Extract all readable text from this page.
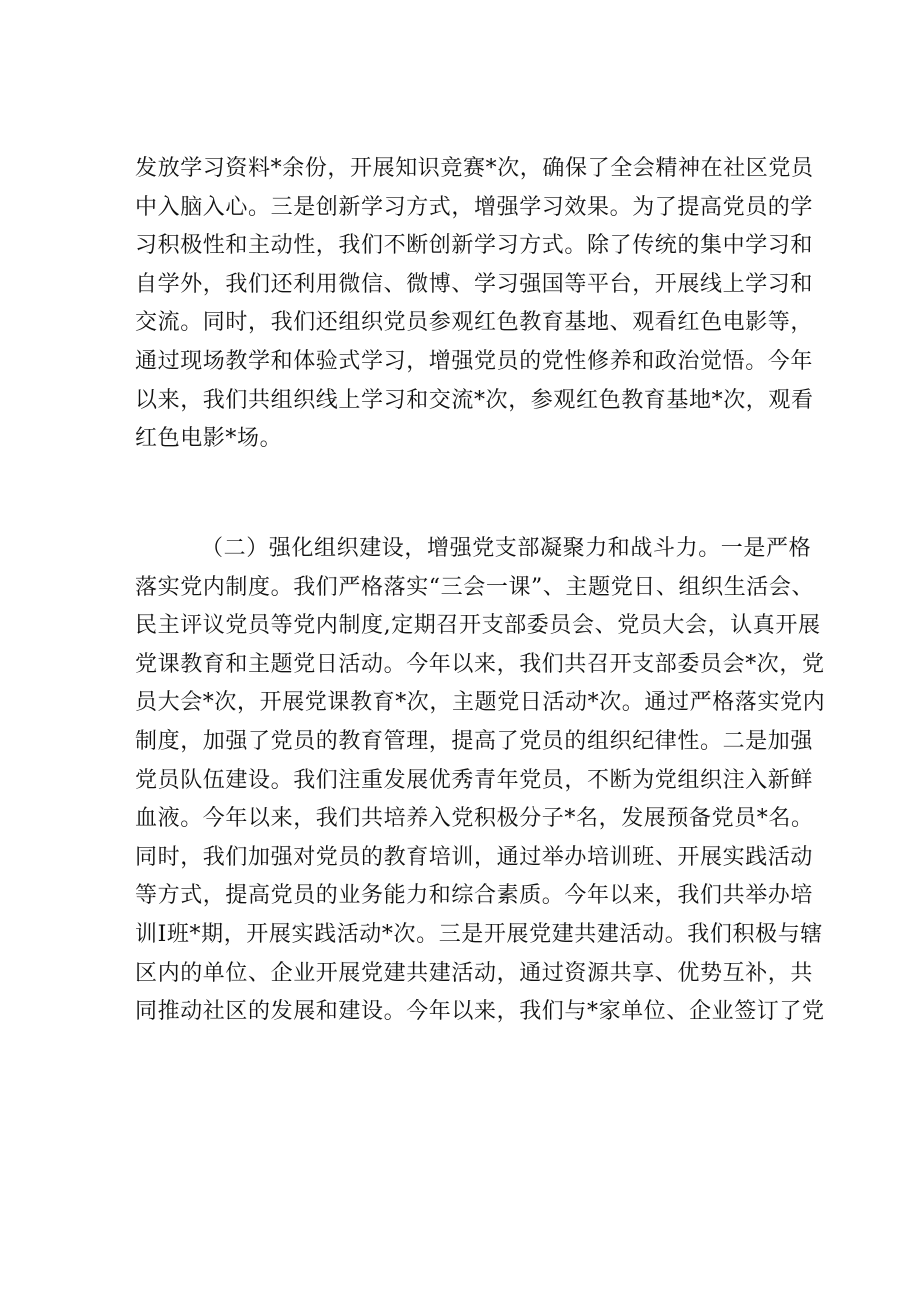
发放学习资料*余份，开展知识竞赛*次，确保了全会精神在社区党员
中入脑入心。三是创新学习方式，增强学习效果。为了提高党员的学
习积极性和主动性，我们不断创新学习方式。除了传统的集中学习和
自学外，我们还利用微信、微博、学习强国等平台，开展线上学习和
交流。同时，我们还组织党员参观红色教育基地、观看红色电影等，
通过现场教学和体验式学习，增强党员的党性修养和政治觉悟。今年
以来，我们共组织线上学习和交流*次，参观红色教育基地*次，观看
红色电影*场。
（二）强化组织建设，增强党支部凝聚力和战斗力。一是严格
落实党内制度。我们严格落实“三会一课”、主题党日、组织生活会、
民主评议党员等党内制度,定期召开支部委员会、党员大会，认真开展
党课教育和主题党日活动。今年以来，我们共召开支部委员会*次，党
员大会*次，开展党课教育*次，主题党日活动*次。通过严格落实党内
制度，加强了党员的教育管理，提高了党员的组织纪律性。二是加强
党员队伍建设。我们注重发展优秀青年党员，不断为党组织注入新鲜
血液。今年以来，我们共培养入党积极分子*名，发展预备党员*名。
同时，我们加强对党员的教育培训，通过举办培训班、开展实践活动
等方式，提高党员的业务能力和综合素质。今年以来，我们共举办培
训I班*期，开展实践活动*次。三是开展党建共建活动。我们积极与辖
区内的单位、企业开展党建共建活动，通过资源共享、优势互补，共
同推动社区的发展和建设。今年以来，我们与*家单位、企业签订了党
